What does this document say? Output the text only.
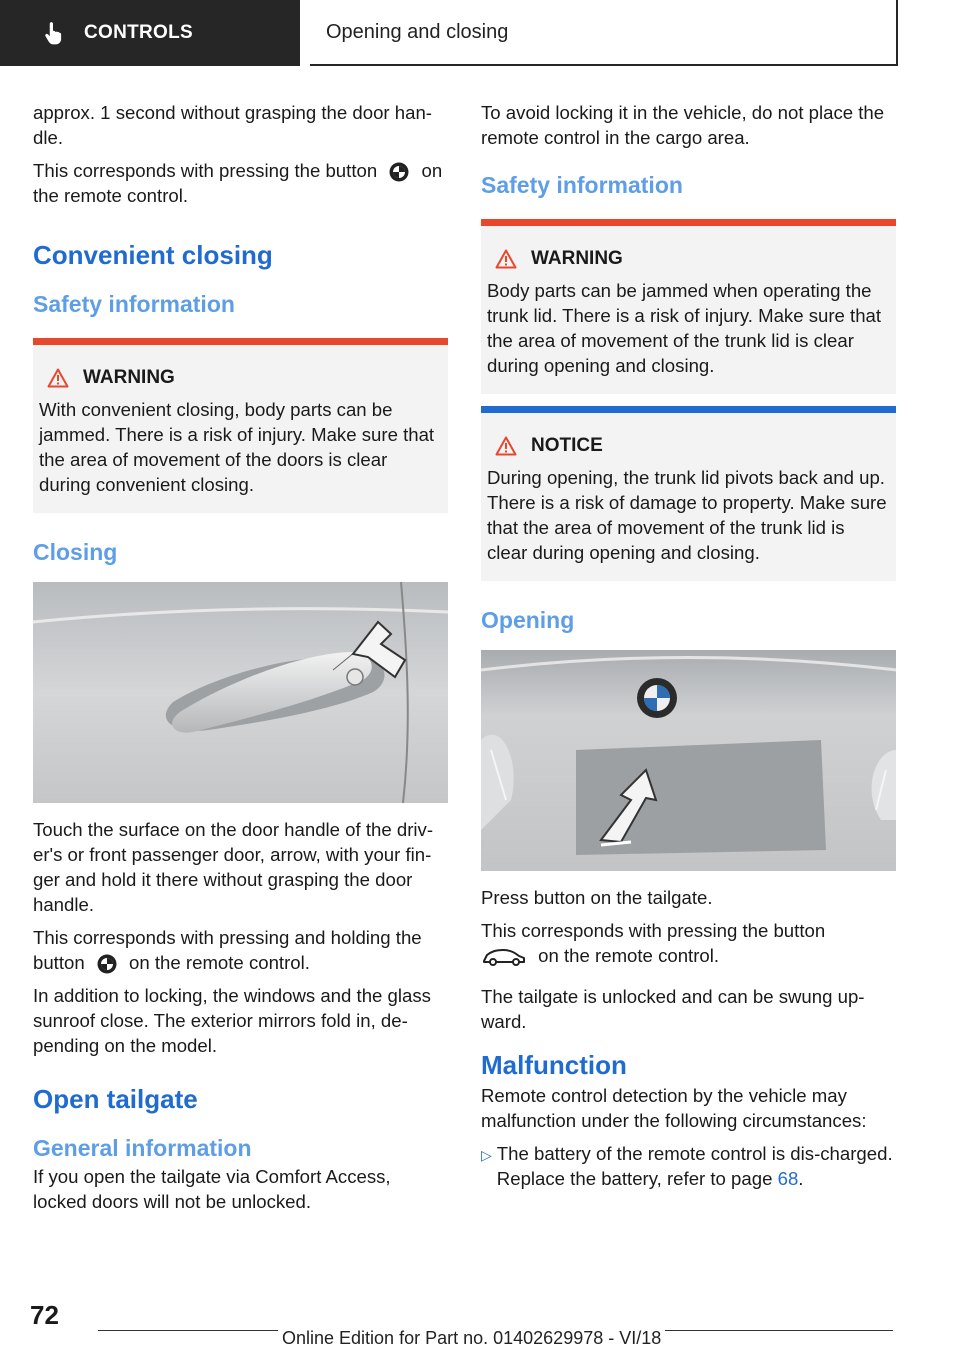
CONTROLS	Opening and closing

approx. 1 second without grasping the door han‐dle.

This corresponds with pressing the button on the remote control.

Convenient closing
Safety information
WARNING

With convenient closing, body parts can be jammed. There is a risk of injury. Make sure that the area of movement of the doors is clear during convenient closing.

Closing

Touch the surface on the door handle of the driv‐er's or front passenger door, arrow, with your fin‐ger and hold it there without grasping the door handle.

This corresponds with pressing and holding the button on the remote control.

In addition to locking, the windows and the glass sunroof close. The exterior mirrors fold in, de‐pending on the model.

Open tailgate
General information

If you open the tailgate via Comfort Access, locked doors will not be unlocked.

To avoid locking it in the vehicle, do not place the remote control in the cargo area.

Safety information
WARNING

Body parts can be jammed when operating the trunk lid. There is a risk of injury. Make sure that the area of movement of the trunk lid is clear during opening and closing.

NOTICE

During opening, the trunk lid pivots back and up. There is a risk of damage to property. Make sure that the area of movement of the trunk lid is clear during opening and closing.

Opening

Press button on the tailgate.

This corresponds with pressing the button
on the remote control.

The tailgate is unlocked and can be swung up‐ward.

Malfunction

Remote control detection by the vehicle may malfunction under the following circumstances:

▷ The battery of the remote control is dis‐charged. Replace the battery, refer to page 68.
72
Online Edition for Part no. 01402629978 - VI/18
